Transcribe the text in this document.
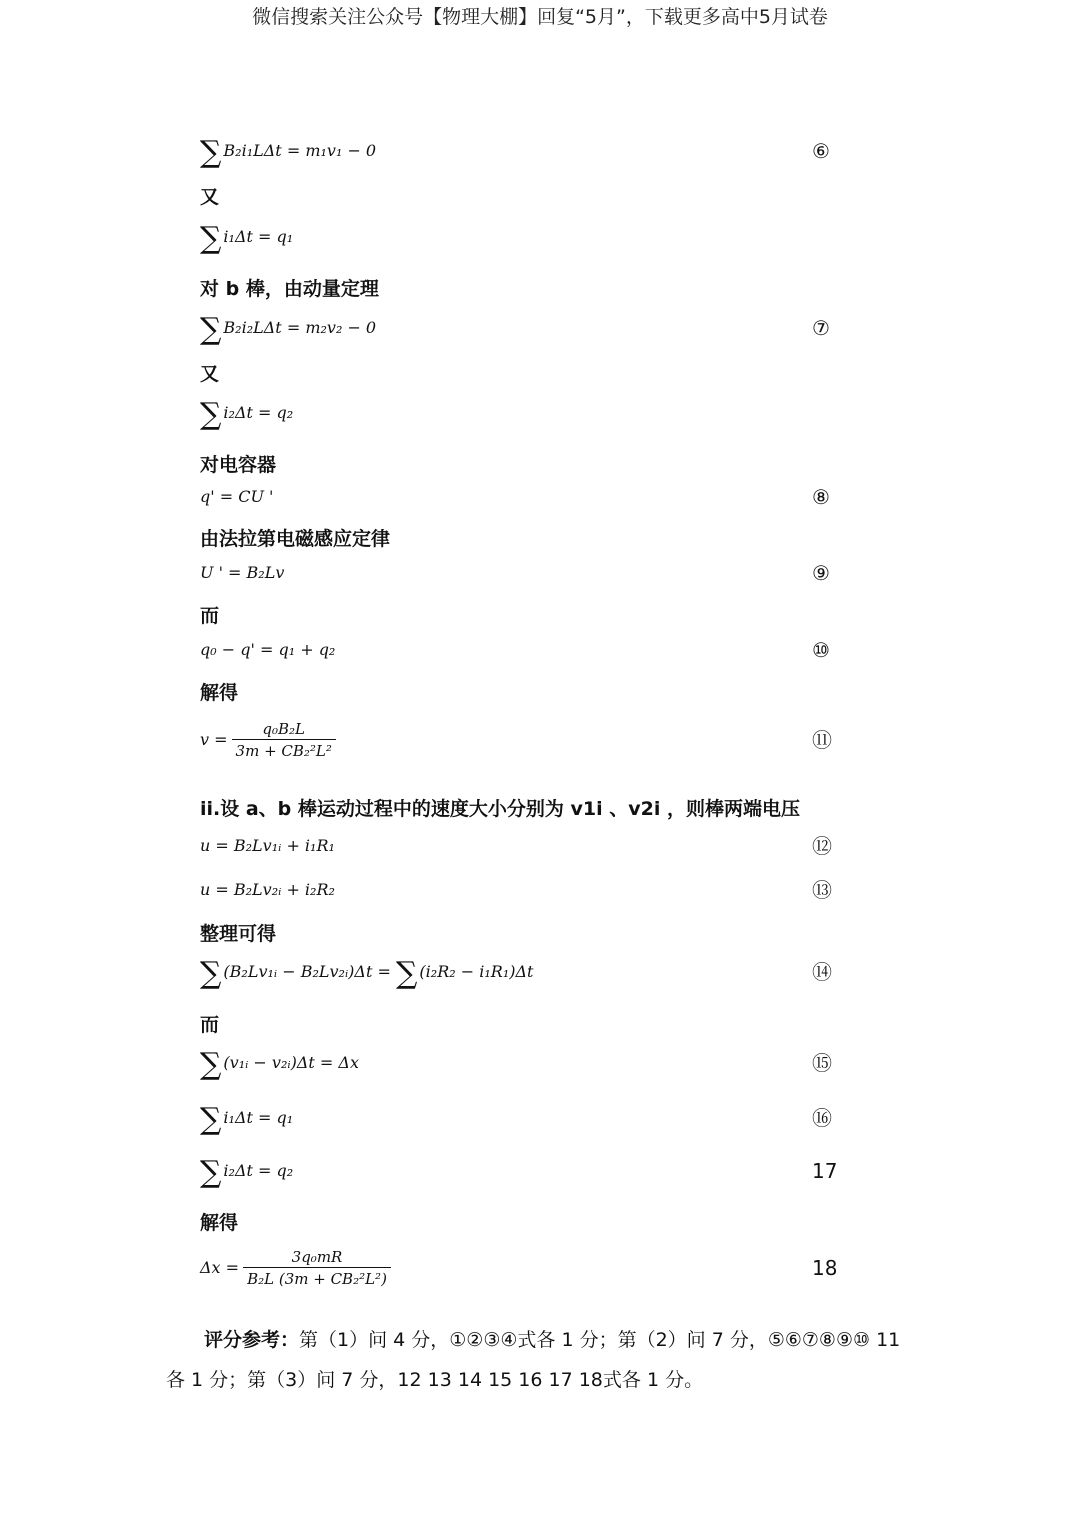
微信搜索关注公众号【物理大棚】回复“5月”，下载更多高中5月试卷
∑ B₂i₁LΔt = m₁v₁ − 0	⑥
又
∑ i₁Δt = q₁
对 b 棒，由动量定理
∑ B₂i₂LΔt = m₂v₂ − 0	⑦
又
∑ i₂Δt = q₂
对电容器
q' = CU '	⑧
由法拉第电磁感应定律
U ' = B₂Lv	⑨
而
q₀ − q' = q₁ + q₂	⑩
解得
$v = \frac{\text{q₀B₂L}}{\text{3m + CB₂²L²}}$	⑪
ii.设 a、b 棒运动过程中的速度大小分别为 v1i 、v2i ，则棒两端电压
u = B₂Lv₁ᵢ + i₁R₁	⑫
u = B₂Lv₂ᵢ + i₂R₂	⑬
整理可得
∑ (B₂Lv₁ᵢ − B₂Lv₂ᵢ)Δt = ∑ (i₂R₂ − i₁R₁)Δt	⑭
而
∑ (v₁ᵢ − v₂ᵢ)Δt = Δx	⑮
∑ i₁Δt = q₁	⑯
∑ i₂Δt = q₂	17
解得
$\Delta x = \frac{\text{3q₀mR}}{\text{B₂L (3m + CB₂²L²)}}$	18
评分参考：第（1）问 4 分，①②③④式各 1 分；第（2）问 7 分，⑤⑥⑦⑧⑨⑩ 11
各 1 分；第（3）问 7 分，12 13 14 15 16 17 18式各 1 分。
